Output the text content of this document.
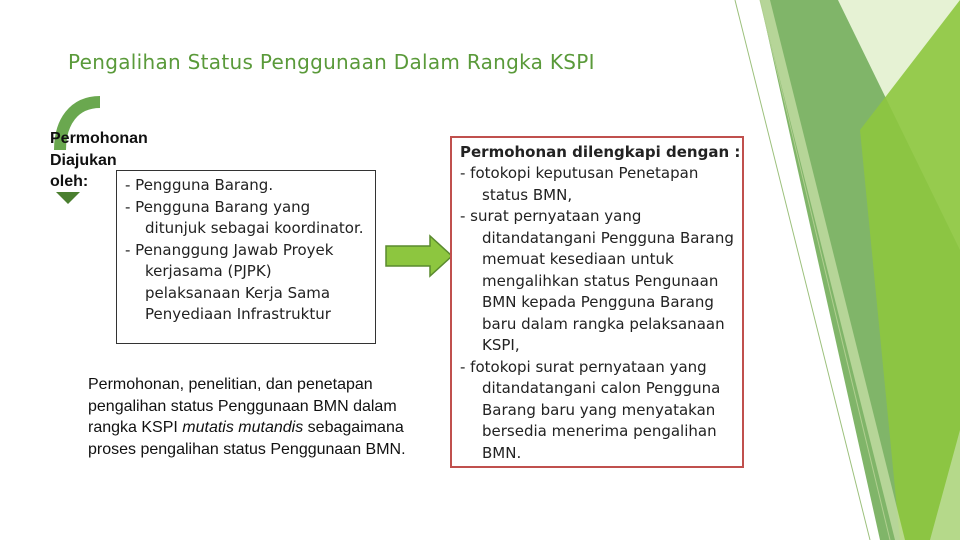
Pengalihan Status Penggunaan Dalam Rangka KSPI
Permohonan
Diajukan
oleh:	- Pengguna Barang.
- Pengguna Barang yang ditunjuk sebagai koordinator.
- Penanggung Jawab Proyek kerjasama (PJPK) pelaksanaan Kerja Sama Penyediaan Infrastruktur
Permohonan, penelitian, dan penetapan pengalihan status Penggunaan BMN dalam rangka KSPI mutatis mutandis sebagaimana proses pengalihan status Penggunaan BMN.
Permohonan dilengkapi dengan :
- fotokopi keputusan Penetapan status BMN,
- surat pernyataan yang ditandatangani Pengguna Barang memuat kesediaan untuk mengalihkan status Pengunaan BMN kepada Pengguna Barang baru dalam rangka pelaksanaan KSPI,
- fotokopi surat pernyataan yang ditandatangani calon Pengguna Barang baru yang menyatakan bersedia menerima pengalihan BMN.
